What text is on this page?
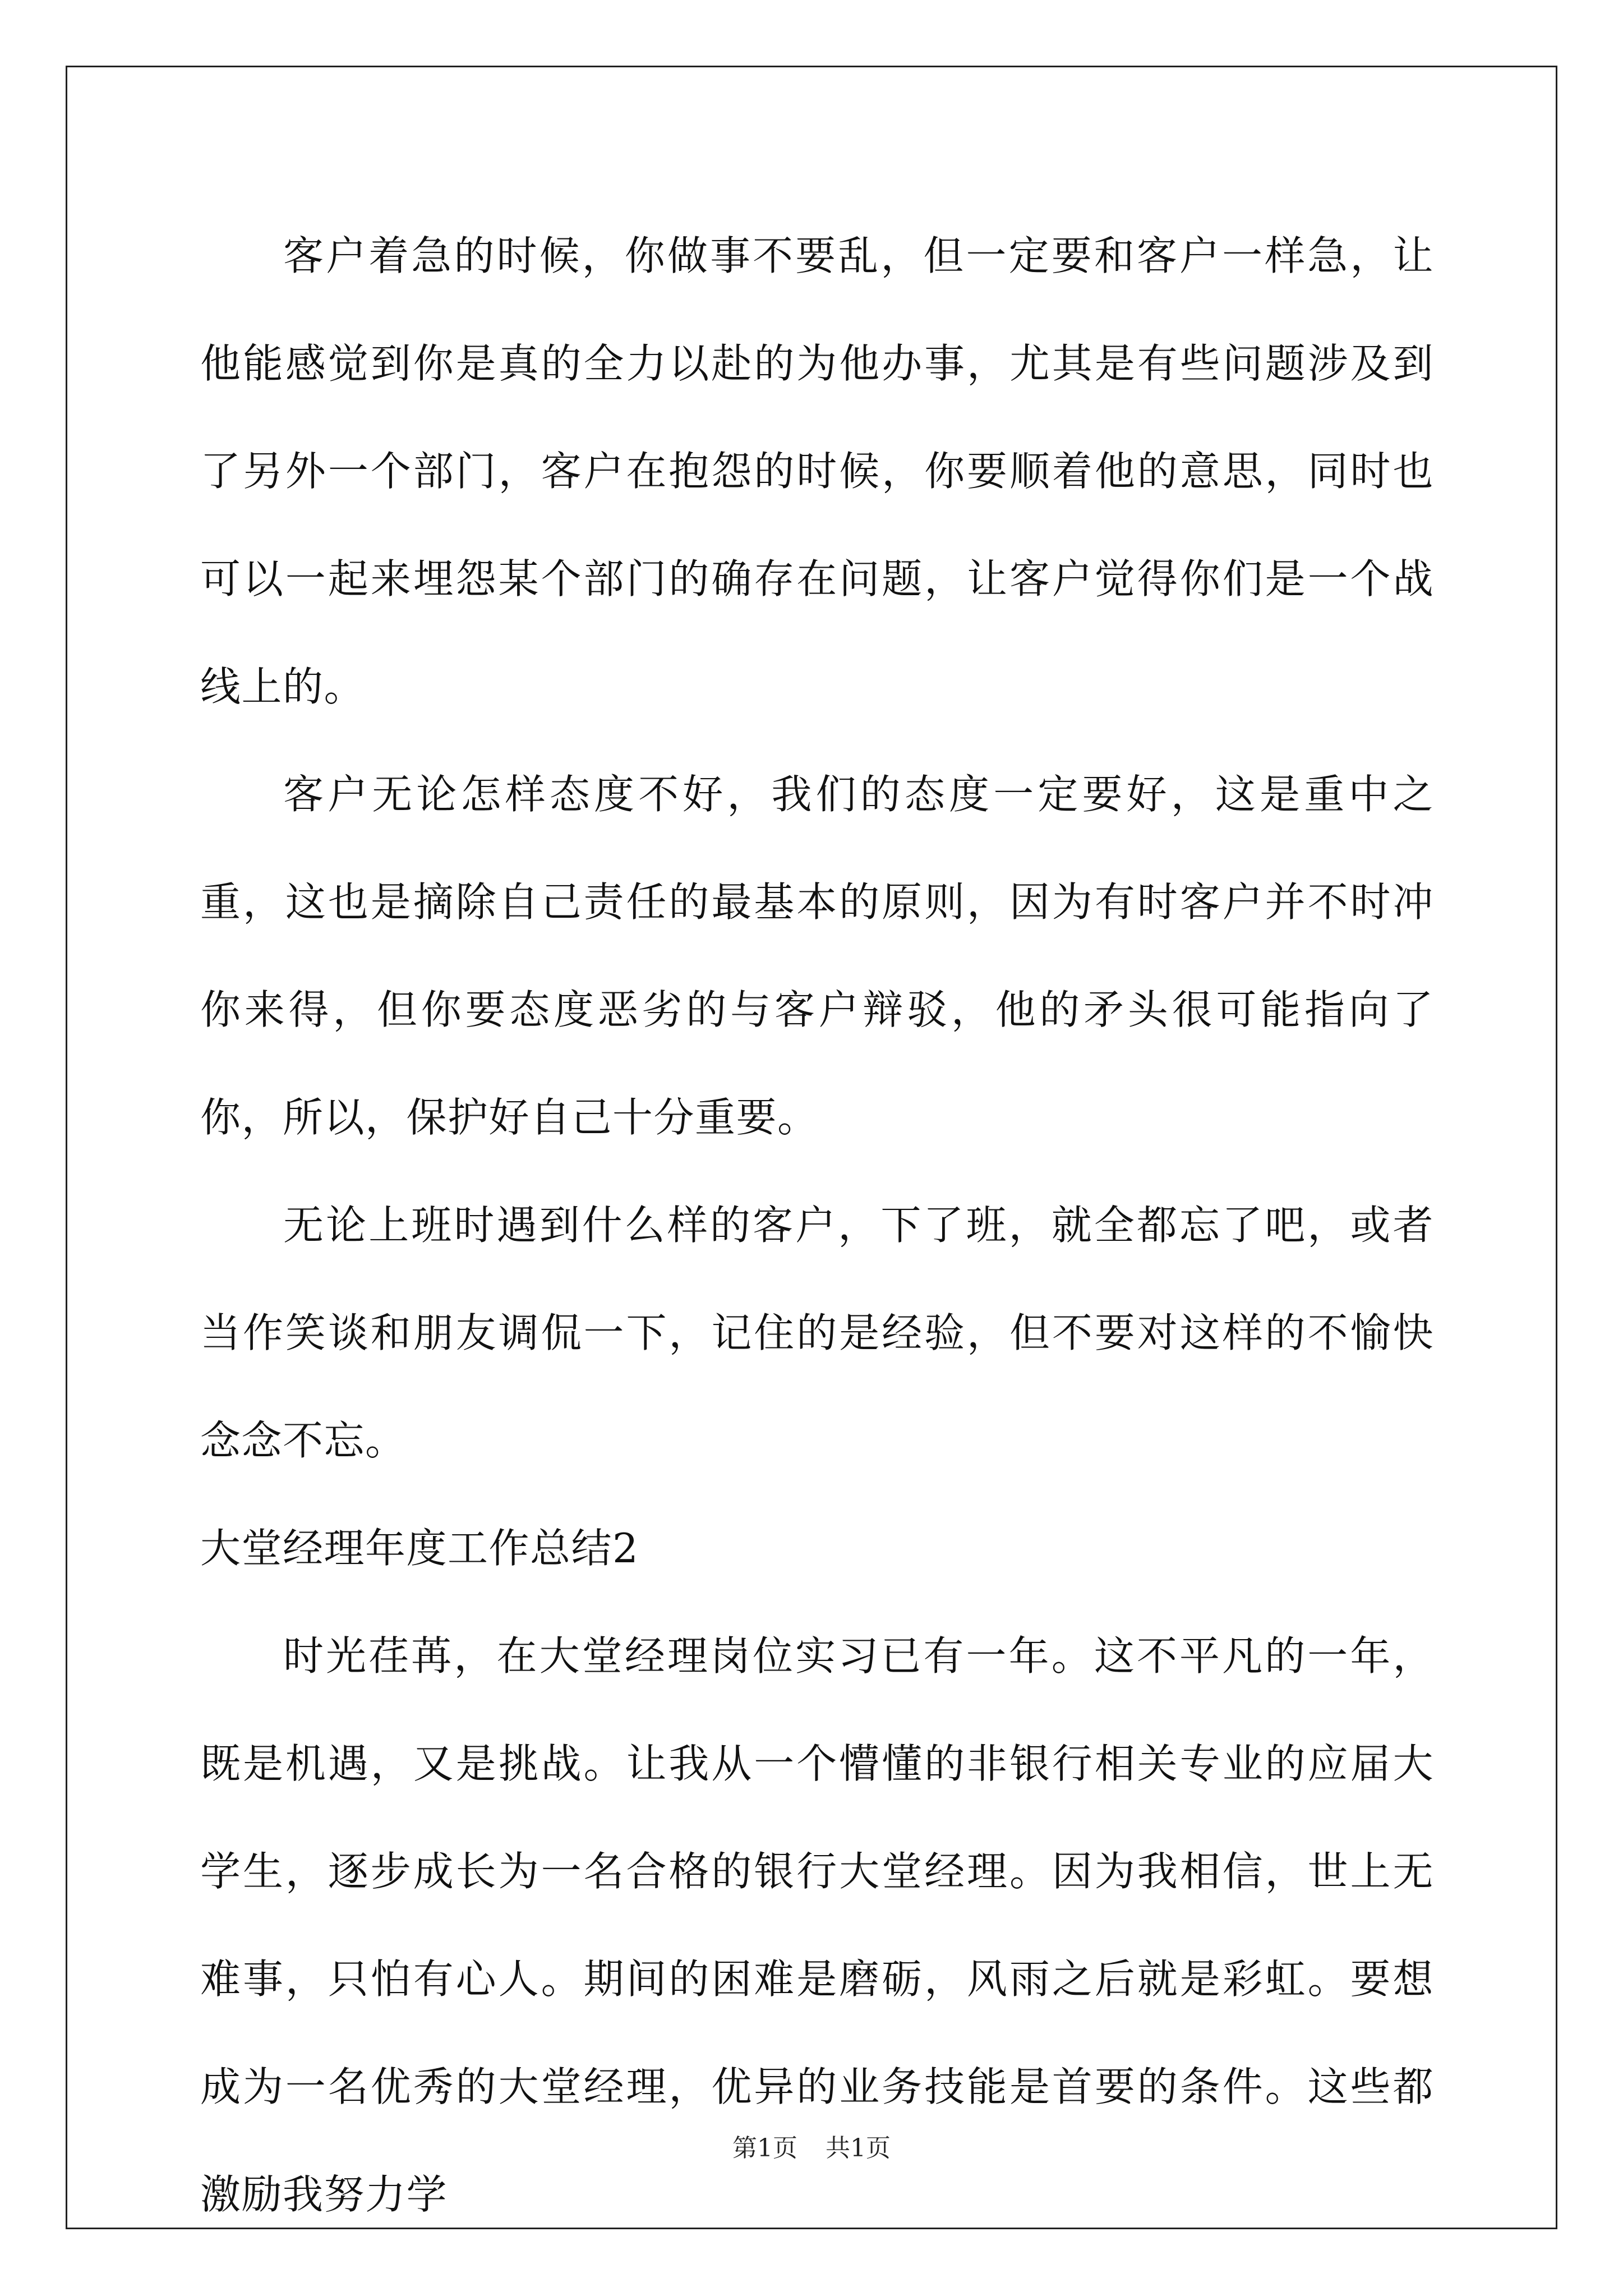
客户着急的时候，你做事不要乱，但一定要和客户一样急，让他能感觉到你是真的全力以赴的为他办事，尤其是有些问题涉及到了另外一个部门，客户在抱怨的时候，你要顺着他的意思，同时也可以一起来埋怨某个部门的确存在问题，让客户觉得你们是一个战线上的。

客户无论怎样态度不好，我们的态度一定要好，这是重中之重，这也是摘除自己责任的最基本的原则，因为有时客户并不时冲你来得，但你要态度恶劣的与客户辩驳，他的矛头很可能指向了你，所以，保护好自己十分重要。

无论上班时遇到什么样的客户，下了班，就全都忘了吧，或者当作笑谈和朋友调侃一下，记住的是经验，但不要对这样的不愉快念念不忘。

大堂经理年度工作总结2

时光荏苒，在大堂经理岗位实习已有一年。这不平凡的一年，既是机遇，又是挑战。让我从一个懵懂的非银行相关专业的应届大学生，逐步成长为一名合格的银行大堂经理。因为我相信，世上无难事，只怕有心人。期间的困难是磨砺，风雨之后就是彩虹。要想成为一名优秀的大堂经理，优异的业务技能是首要的条件。这些都激励我努力学

第1页 共1页
